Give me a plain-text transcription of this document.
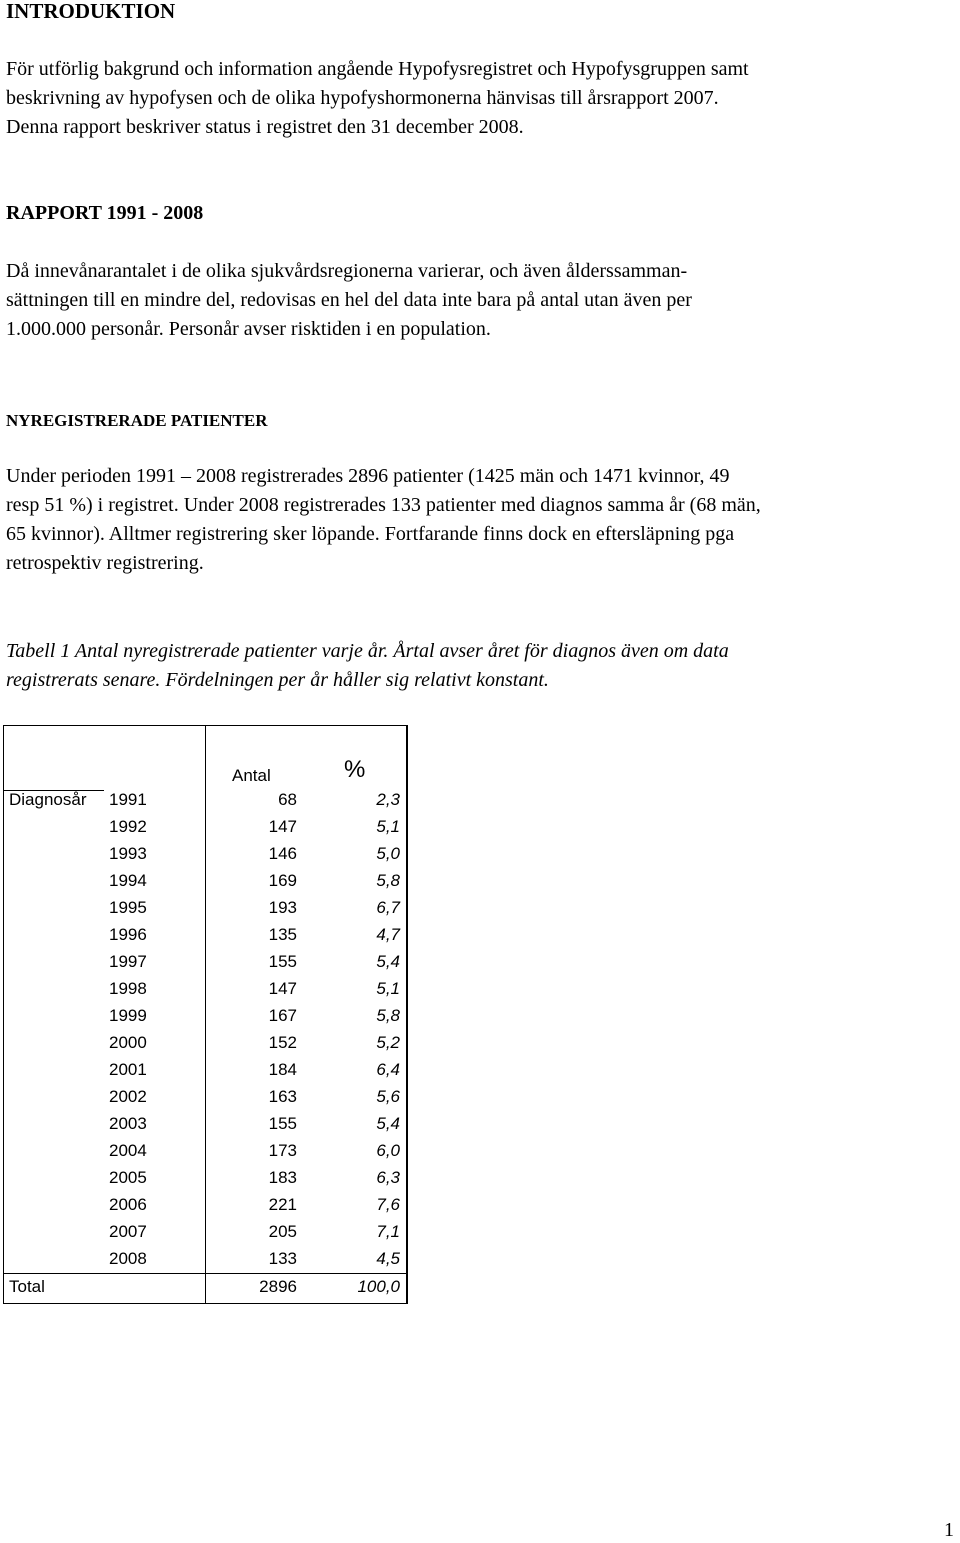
INTRODUKTION

För utförlig bakgrund och information angående Hypofysregistret och Hypofysgruppen samt

beskrivning av hypofysen och de olika hypofyshormonerna hänvisas till årsrapport 2007.

Denna rapport beskriver status i registret den 31 december 2008.

RAPPORT 1991 - 2008

Då innevånarantalet i de olika sjukvårdsregionerna varierar, och även ålderssamman-

sättningen till en mindre del, redovisas en hel del data inte bara på antal utan även per

1.000.000 personår. Personår avser risktiden i en population.

NYREGISTRERADE PATIENTER

Under perioden 1991 – 2008 registrerades 2896 patienter (1425 män och 1471 kvinnor, 49

resp 51 %) i registret. Under 2008 registrerades 133 patienter med diagnos samma år (68 män,

65 kvinnor). Alltmer registrering sker löpande. Fortfarande finns dock en eftersläpning pga

retrospektiv registrering.

Tabell 1 Antal nyregistrerade patienter varje år. Årtal avser året för diagnos även om data

registrerats senare. Fördelningen per år håller sig relativt konstant.

Antal	%
Diagnosår 1991	68	2,3
1992	147	5,1
1993	146	5,0
1994	169	5,8
1995	193	6,7
1996	135	4,7
1997	155	5,4
1998	147	5,1
1999	167	5,8
2000	152	5,2
2001	184	6,4
2002	163	5,6
2003	155	5,4
2004	173	6,0
2005	183	6,3
2006	221	7,6
2007	205	7,1
2008	133	4,5
Total	2896	100,0
1
